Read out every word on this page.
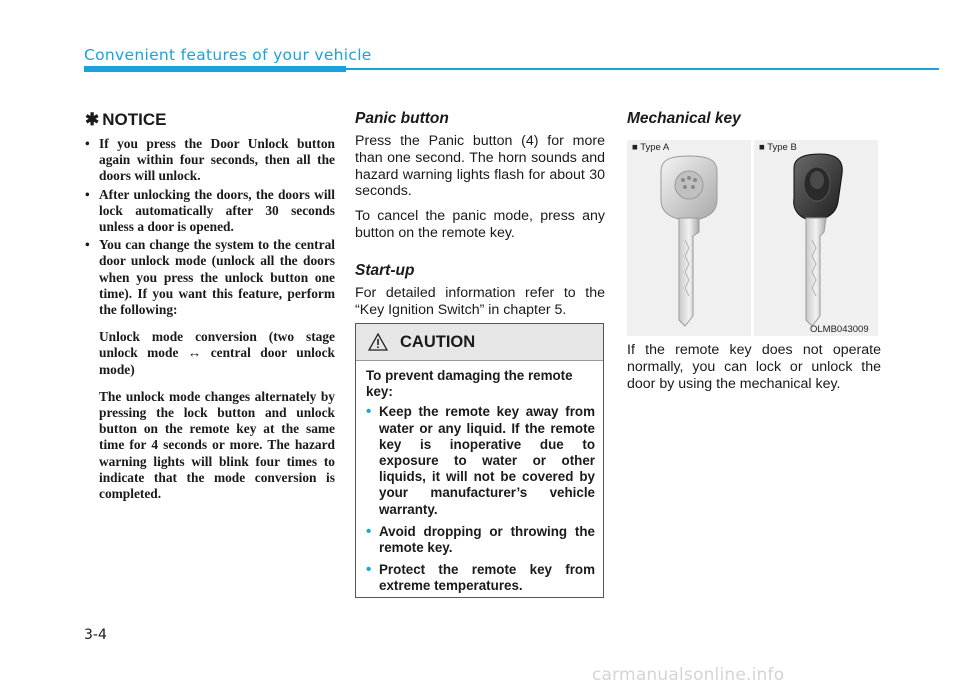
Convenient features of your vehicle
✱ NOTICE
• If you press the Door Unlock button again within four seconds, then all the doors will unlock.
• After unlocking the doors, the doors will lock automatically after 30 seconds unless a door is opened.
• You can change the system to the central door unlock mode (unlock all the doors when you press the unlock button one time). If you want this feature, perform the following:

Unlock mode conversion (two stage unlock mode ↔ central door unlock mode)

The unlock mode changes alternately by pressing the lock button and unlock button on the remote key at the same time for 4 seconds or more. The hazard warning lights will blink four times to indicate that the mode conversion is completed.

Panic button

Press the Panic button (4) for more than one second. The horn sounds and hazard warning lights flash for about 30 seconds.

To cancel the panic mode, press any button on the remote key.

Start-up

For detailed information refer to the “Key Ignition Switch” in chapter 5.

CAUTION

To prevent damaging the remote key:

• Keep the remote key away from water or any liquid. If the remote key is inoperative due to exposure to water or other liquids, it will not be covered by your manufacturer’s vehicle warranty.
• Avoid dropping or throwing the remote key.
• Protect the remote key from extreme temperatures.
Mechanical key
■ Type A	■ Type B
OLMB043009

If the remote key does not operate normally, you can lock or unlock the door by using the mechanical key.

3-4
carmanualsonline.info
